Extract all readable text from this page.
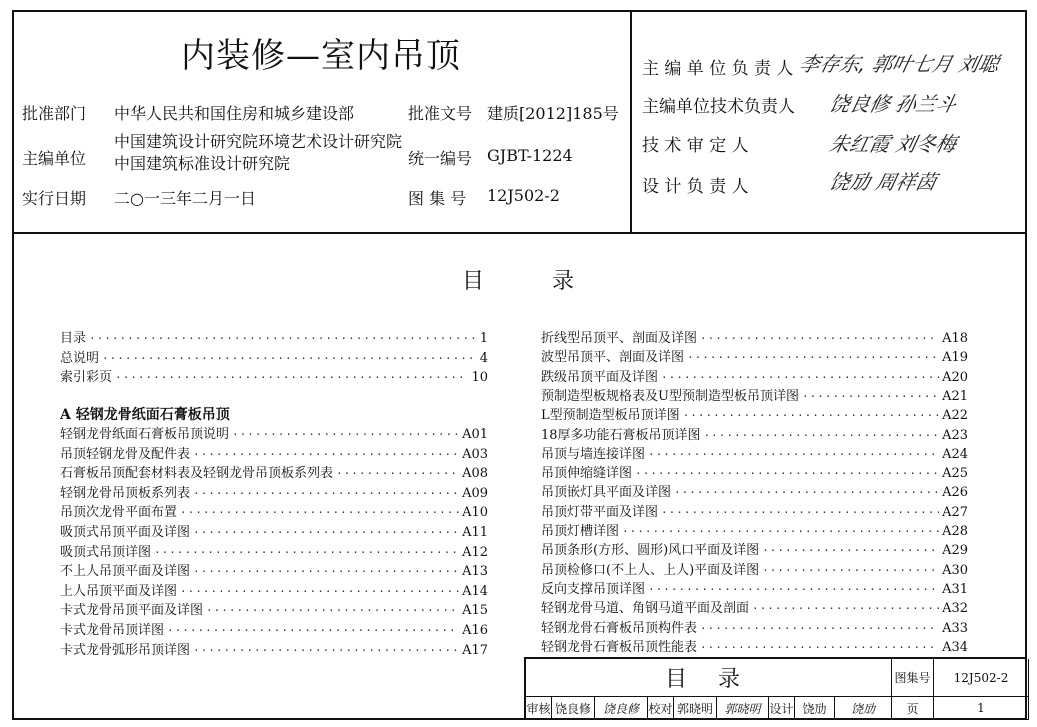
内装修—室内吊顶
批准部门 中华人民共和国住房和城乡建设部	批准文号 建质[2012]185号
主编单位
中国建筑设计研究院环境艺术设计研究院
中国建筑标准设计研究院	统一编号 GJBT-1224
实行日期 二○一三年二月一日	图 集 号 12J502-2
主 编 单 位 负 责 人 李存东, 郭叶七月 刘聪
主编单位技术负责人 饶良修 孙兰斗
技 术 审 定 人	朱红霞 刘冬梅
设 计 负 责 人	饶劢 周祥茵
目	录
A 轻钢龙骨纸面石膏板吊顶
目录 ·····	1
总说明 ·····	4
索引彩页 ·····	10
轻钢龙骨纸面石膏板吊顶说明 ·····	A01
吊顶轻钢龙骨及配件表 ·····	A03
石膏板吊顶配套材料表及轻钢龙骨吊顶板系列表 ·····	A08
轻钢龙骨吊顶板系列表 ·····	A09
吊顶次龙骨平面布置 ·····	A10
吸顶式吊顶平面及详图 ·····	A11
吸顶式吊顶详图 ·····	A12
不上人吊顶平面及详图 ·····	A13
上人吊顶平面及详图 ·····	A14
卡式龙骨吊顶平面及详图 ·····	A15
卡式龙骨吊顶详图 ·····	A16
卡式龙骨弧形吊顶详图 ·····	A17
折线型吊顶平、剖面及详图 ·····	A18
波型吊顶平、剖面及详图 ·····	A19
跌级吊顶平面及详图 ·····	A20
预制造型板规格表及U型预制造型板吊顶详图 ·····	A21
L型预制造型板吊顶详图 ·····	A22
18厚多功能石膏板吊顶详图 ·····	A23
吊顶与墙连接详图 ·····	A24
吊顶伸缩缝详图 ·····	A25
吊顶嵌灯具平面及详图 ·····	A26
吊顶灯带平面及详图 ·····	A27
吊顶灯槽详图 ·····	A28
吊顶条形(方形、圆形)风口平面及详图 ·····	A29
吊顶检修口(不上人、上人)平面及详图 ·····	A30
反向支撑吊顶详图 ·····	A31
轻钢龙骨马道、角钢马道平面及剖面 ·····	A32
轻钢龙骨石膏板吊顶构件表 ·····	A33
轻钢龙骨石膏板吊顶性能表 ·····	A34
目 录	图集号	12J502-2
审核 饶良修 饶良修 校对 郭晓明 郭晓明 设计 饶劢	饶劢	页	1
